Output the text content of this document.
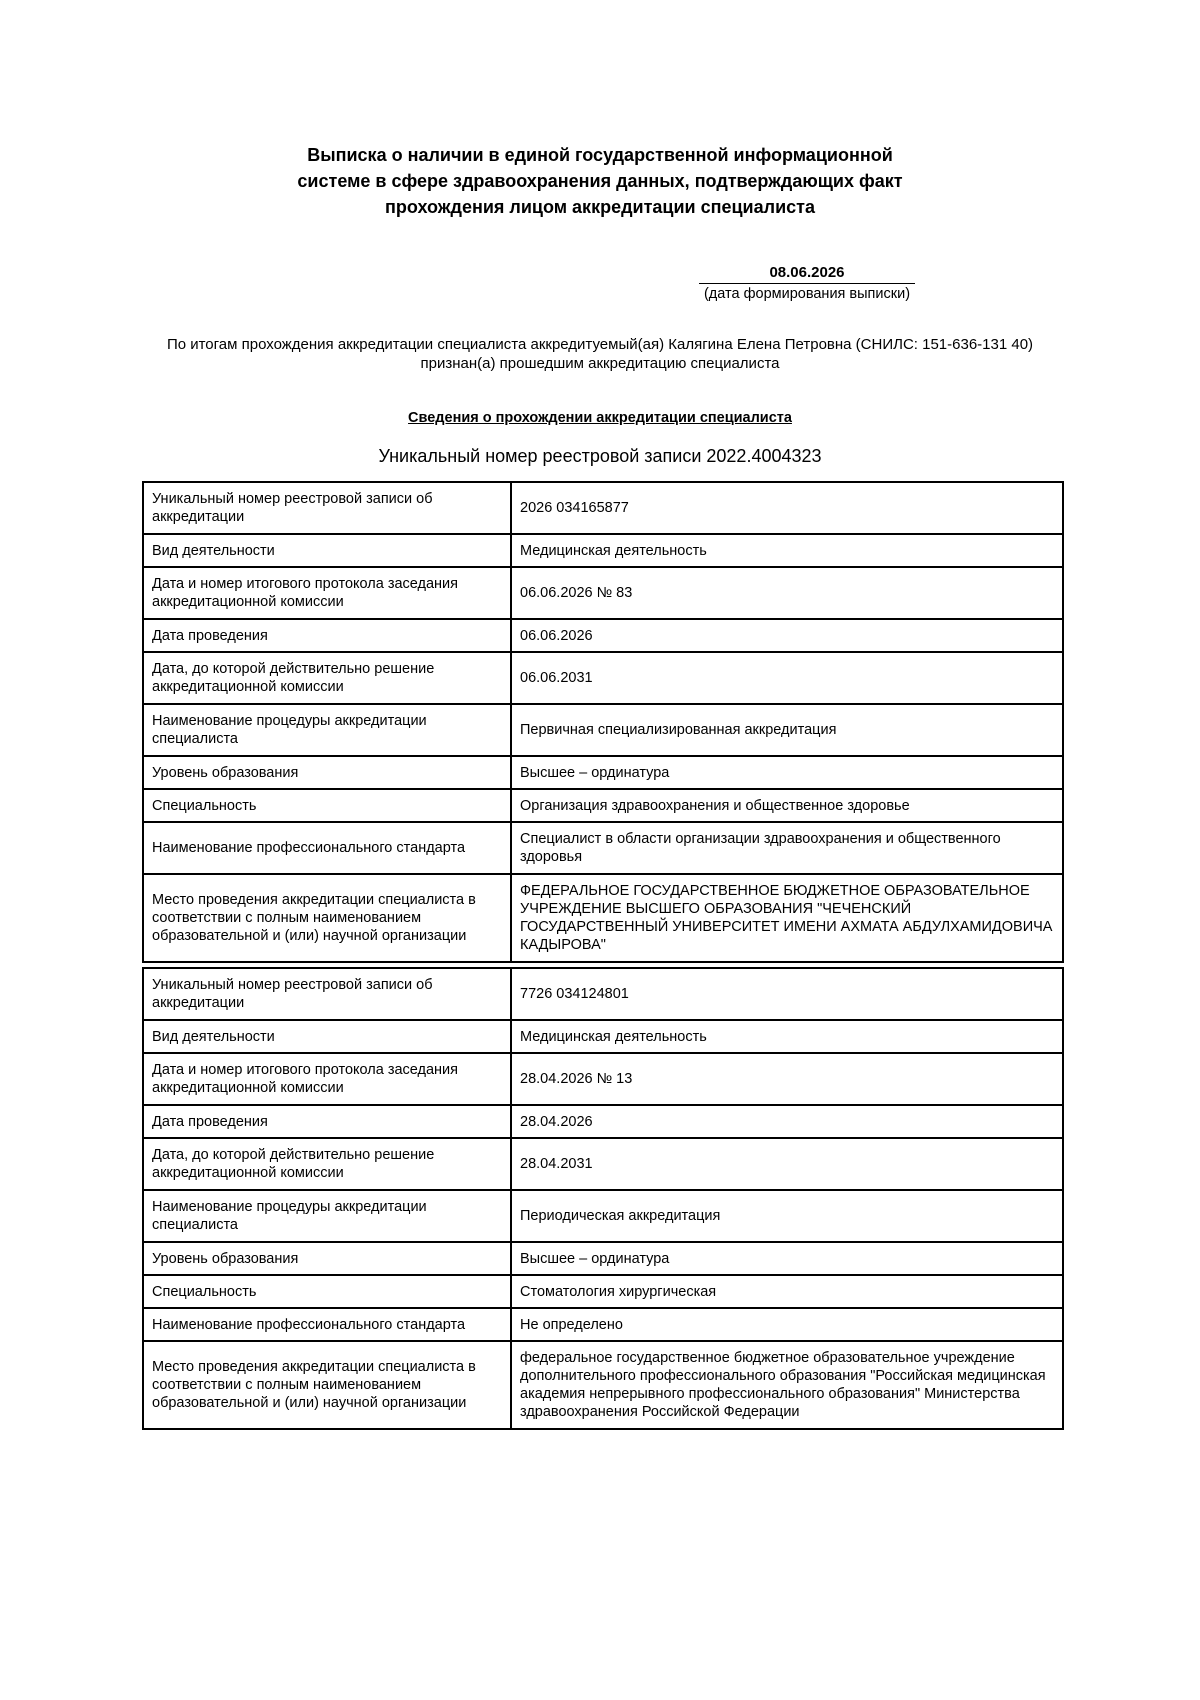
Выписка о наличии в единой государственной информационной
системе в сфере здравоохранения данных, подтверждающих факт
прохождения лицом аккредитации специалиста
08.06.2026
(дата формирования выписки)
По итогам прохождения аккредитации специалиста аккредитуемый(ая) Калягина Елена Петровна (СНИЛС: 151-636-131 40)
признан(а) прошедшим аккредитацию специалиста
Сведения о прохождении аккредитации специалиста
Уникальный номер реестровой записи 2022.4004323
Уникальный номер реестровой записи об аккредитации	2026 034165877
Вид деятельности	Медицинская деятельность
Дата и номер итогового протокола заседания аккредитационной комиссии	06.06.2026 № 83
Дата проведения	06.06.2026
Дата, до которой действительно решение аккредитационной комиссии	06.06.2031
Наименование процедуры аккредитации специалиста	Первичная специализированная аккредитация
Уровень образования	Высшее – ординатура
Специальность	Организация здравоохранения и общественное здоровье
Наименование профессионального стандарта	Специалист в области организации здравоохранения и общественного здоровья
Место проведения аккредитации специалиста в соответствии с полным наименованием образовательной и (или) научной организации	ФЕДЕРАЛЬНОЕ ГОСУДАРСТВЕННОЕ БЮДЖЕТНОЕ ОБРАЗОВАТЕЛЬНОЕ УЧРЕЖДЕНИЕ ВЫСШЕГО ОБРАЗОВАНИЯ "ЧЕЧЕНСКИЙ ГОСУДАРСТВЕННЫЙ УНИВЕРСИТЕТ ИМЕНИ АХМАТА АБДУЛХАМИДОВИЧА КАДЫРОВА"
Уникальный номер реестровой записи об аккредитации	7726 034124801
Вид деятельности	Медицинская деятельность
Дата и номер итогового протокола заседания аккредитационной комиссии	28.04.2026 № 13
Дата проведения	28.04.2026
Дата, до которой действительно решение аккредитационной комиссии	28.04.2031
Наименование процедуры аккредитации специалиста	Периодическая аккредитация
Уровень образования	Высшее – ординатура
Специальность	Стоматология хирургическая
Наименование профессионального стандарта	Не определено
Место проведения аккредитации специалиста в соответствии с полным наименованием образовательной и (или) научной организации	федеральное государственное бюджетное образовательное учреждение дополнительного профессионального образования "Российская медицинская академия непрерывного профессионального образования" Министерства здравоохранения Российской Федерации
